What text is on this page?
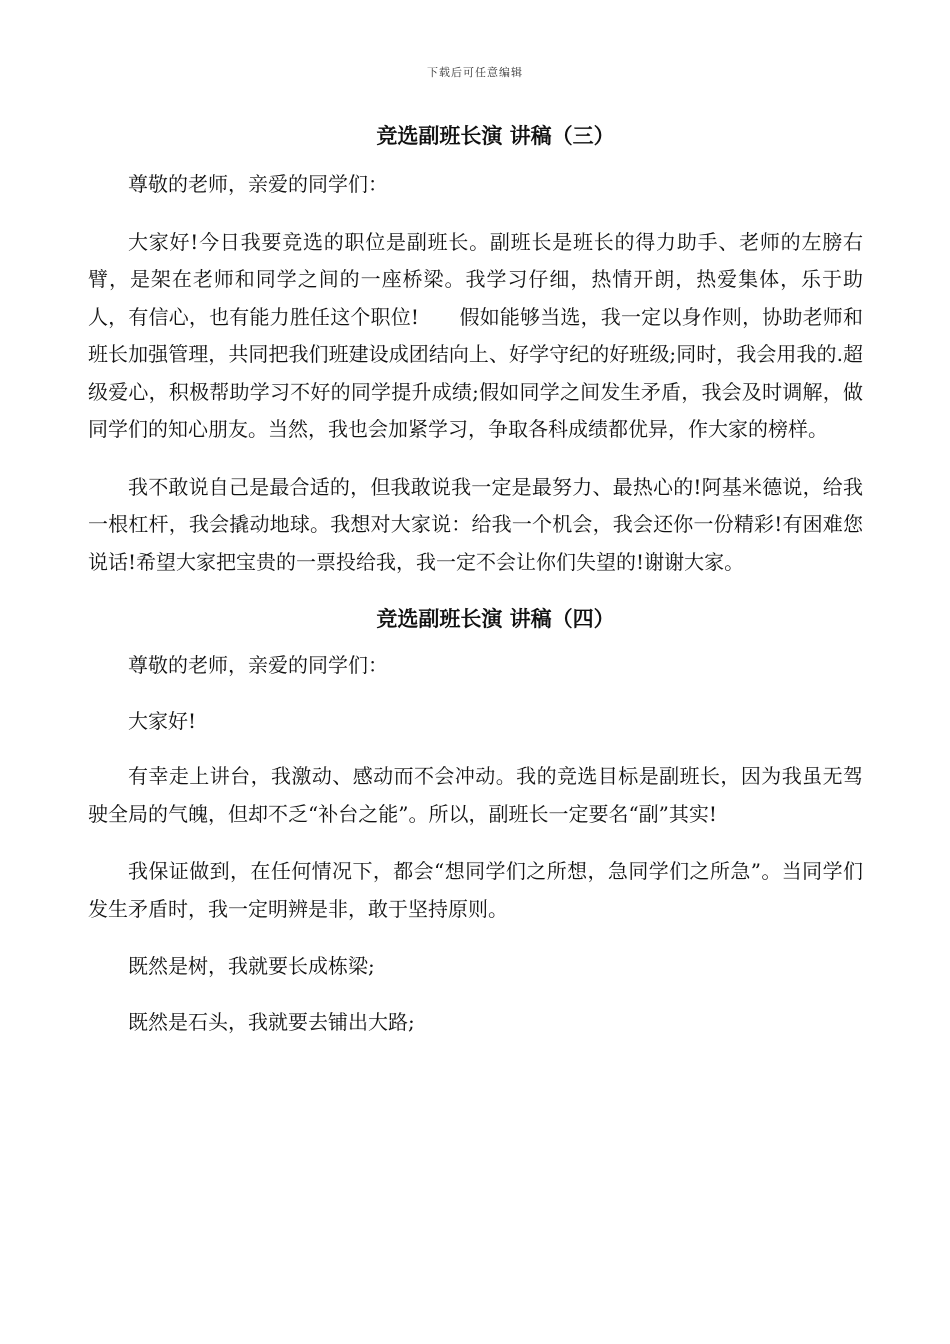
下载后可任意编辑
竞选副班长演 讲稿（三）

尊敬的老师，亲爱的同学们：

大家好!今日我要竞选的职位是副班长。副班长是班长的得力助手、老师的左膀右臂，是架在老师和同学之间的一座桥梁。我学习仔细，热情开朗，热爱集体，乐于助人，有信心，也有能力胜任这个职位!　　假如能够当选，我一定以身作则，协助老师和班长加强管理，共同把我们班建设成团结向上、好学守纪的好班级;同时，我会用我的.超级爱心，积极帮助学习不好的同学提升成绩;假如同学之间发生矛盾，我会及时调解，做同学们的知心朋友。当然，我也会加紧学习，争取各科成绩都优异，作大家的榜样。

我不敢说自己是最合适的，但我敢说我一定是最努力、最热心的!阿基米德说，给我一根杠杆，我会撬动地球。我想对大家说：给我一个机会，我会还你一份精彩!有困难您说话!希望大家把宝贵的一票投给我，我一定不会让你们失望的!谢谢大家。

竞选副班长演 讲稿（四）

尊敬的老师，亲爱的同学们：

大家好!

有幸走上讲台，我激动、感动而不会冲动。我的竞选目标是副班长，因为我虽无驾驶全局的气魄，但却不乏“补台之能”。所以，副班长一定要名“副”其实!

我保证做到，在任何情况下，都会“想同学们之所想，急同学们之所急”。当同学们发生矛盾时，我一定明辨是非，敢于坚持原则。

既然是树，我就要长成栋梁;

既然是石头，我就要去铺出大路;
